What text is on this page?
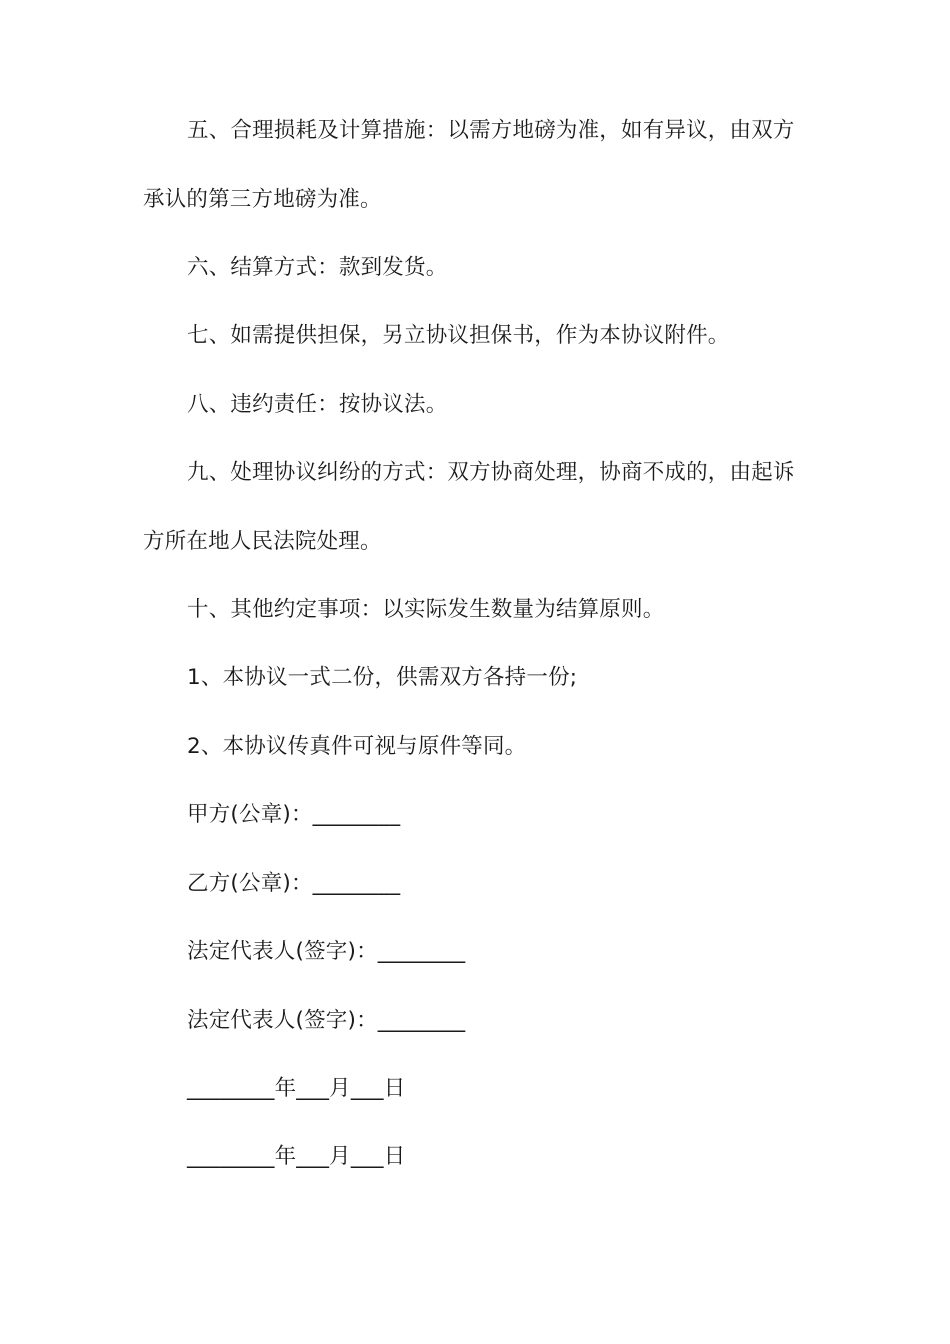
五、合理损耗及计算措施：以需方地磅为准，如有异议，由双方
承认的第三方地磅为准。
六、结算方式：款到发货。
七、如需提供担保，另立协议担保书，作为本协议附件。
八、违约责任：按协议法。
九、处理协议纠纷的方式：双方协商处理，协商不成的，由起诉
方所在地人民法院处理。
十、其他约定事项：以实际发生数量为结算原则。
1、本协议一式二份，供需双方各持一份;
2、本协议传真件可视与原件等同。
甲方(公章)：________
乙方(公章)：________
法定代表人(签字)：________
法定代表人(签字)：________
________年___月___日
________年___月___日
